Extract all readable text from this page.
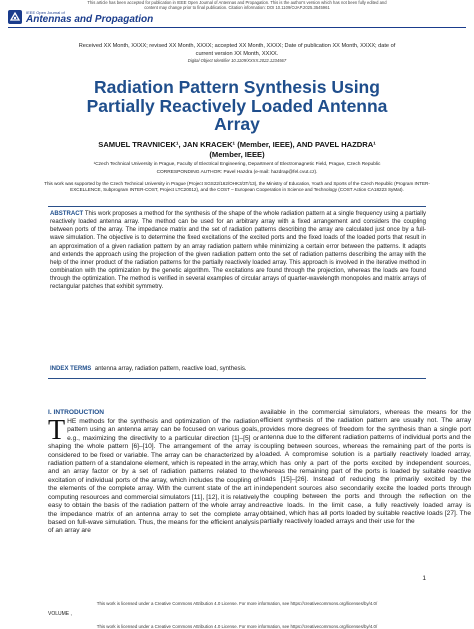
This article has been accepted for publication in IEEE Open Journal of Antennas and Propagation. This is the author's version which has not been fully edited and
content may change prior to final publication. Citation information: DOI 10.1109/OJAP.2025.3545961
IEEE Open Journal of
Antennas and Propagation
Received XX Month, XXXX; revised XX Month, XXXX; accepted XX Month, XXXX; Date of publication XX Month, XXXX; date of
current version XX Month, XXXX.
Digital Object Identifier 10.1109/XXXX.2022.1234567
Radiation Pattern Synthesis Using
Partially Reactively Loaded Antenna
Array
SAMUEL TRAVNICEK¹, JAN KRACEK¹ (Member, IEEE), AND PAVEL HAZDRA¹
(Member, IEEE)
¹Czech Technical University in Prague, Faculty of Electrical Engineering, Department of Electromagnetic Field, Prague, Czech Republic
CORRESPONDING AUTHOR: Pavel Hazdra (e-mail: hazdrap@fel.cvut.cz).
This work was supported by the Czech Technical University in Prague (Project SGS22/162/OHK3/3T/13), the Ministry of Education, Youth and Sports of the Czech Republic (Program INTER-EXCELLENCE, Subprogram INTER-COST, Project LTC20012), and the COST – European Cooperation in Science and Technology (COST Action CA18223 SyMat).
ABSTRACT This work proposes a method for the synthesis of the shape of the whole radiation pattern at a single frequency using a partially reactively loaded antenna array. The method can be used for an arbitrary array with a fixed arrangement and considers the coupling between ports of the array. The impedance matrix and the set of radiation patterns describing the array are calculated just once by a full-wave simulation. The objective is to determine the fixed excitations of the excited ports and the fixed loads of the loaded ports that result in an approximation of a given radiation pattern by an array radiation pattern while minimizing a certain error between the patterns. It adapts and extends the approach using the projection of the given radiation pattern onto the set of radiation patterns describing the array with the help of the inner product of the radiation patterns for the partially reactively loaded array. This approach is involved in the iterative method in combination with the optimization by the genetic algorithm. The excitations are found through the projection, whereas the loads are found through the optimization. The method is verified in several examples of circular arrays of quarter-wavelength monopoles and matrix arrays of rectangular patches that exhibit symmetry.
INDEX TERMS antenna array, radiation pattern, reactive load, synthesis.
I. INTRODUCTION
T HE methods for the synthesis and optimization of the radiation pattern using an antenna array can be focused on various goals, e.g., maximizing the directivity to a particular direction [1]–[5] or shaping the whole pattern [6]–[10]. The arrangement of the array is considered to be fixed or variable. The array can be characterized by a radiation pattern of a standalone element, which is repeated in the array, and an array factor or by a set of radiation patterns related to the excitation of individual ports of the array, which includes the coupling of the elements of the complete array. With the current state of the art in computing resources and commercial simulators [11], [12], it is relatively easy to obtain the basis of the radiation pattern of the whole array and the impedance matrix of an antenna array to set the complete array based on full-wave simulation. Thus, the means for the efficient analysis of an array are
available in the commercial simulators, whereas the means for the efficient synthesis of the radiation pattern are usually not. The array provides more degrees of freedom for the synthesis than a single port antenna due to the different radiation patterns of individual ports and the coupling between sources, whereas the remaining part of the ports is loaded. A compromise solution is a partially reactively loaded array, which has only a part of the ports excited by independent sources, whereas the remaining part of the ports is loaded by suitable reactive loads [15]–[26]. Instead of reducing the primarily excited by the independent sources also secondarily excite the loaded ports through the coupling between the ports and through the reflection on the reactive loads. In the limit case, a fully reactively loaded array is obtained, which has all ports loaded by suitable reactive loads [27]. The partially reactively loaded arrays and their use for the
1
This work is licensed under a Creative Commons Attribution 4.0 License. For more information, see https://creativecommons.org/licenses/by/4.0/
VOLUME ,
This work is licensed under a Creative Commons Attribution 4.0 License. For more information, see https://creativecommons.org/licenses/by/4.0/
